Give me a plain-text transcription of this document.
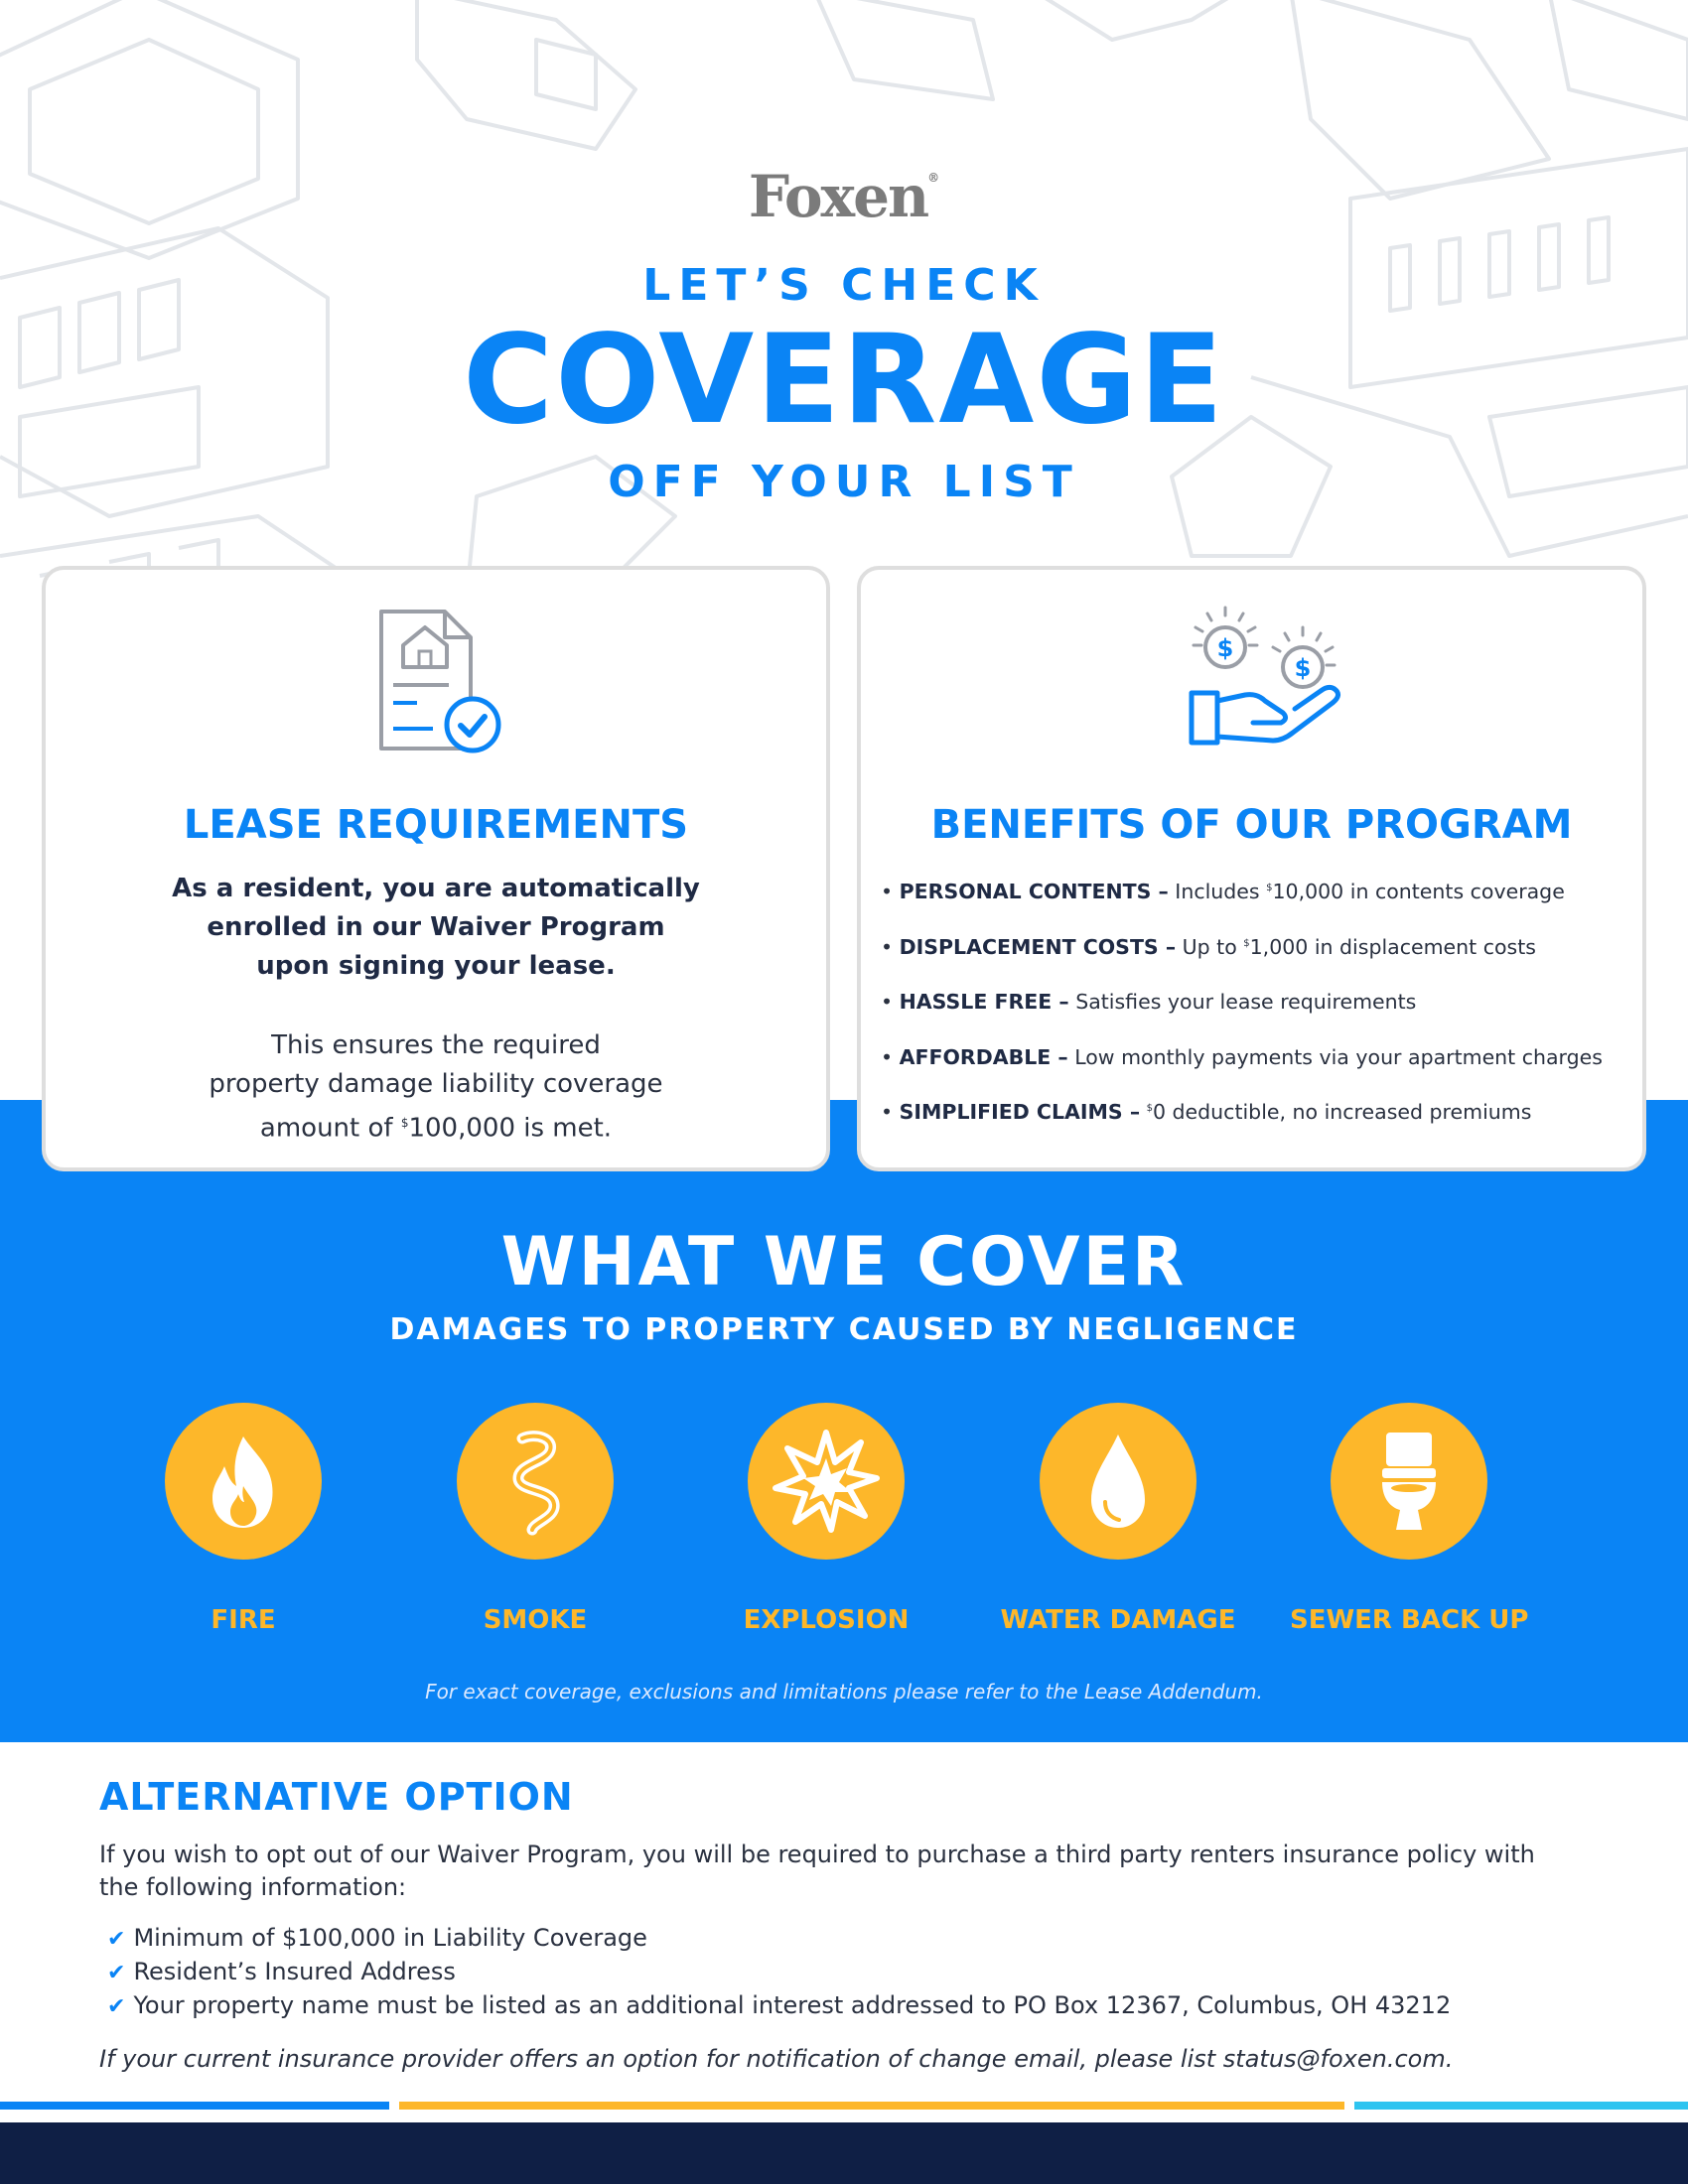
Foxen®
LET’S CHECK
COVERAGE
OFF YOUR LIST
LEASE REQUIREMENTS
As a resident, you are automatically
enrolled in our Waiver Program
upon signing your lease.
This ensures the required
property damage liability coverage
amount of $100,000 is met.
$
$
BENEFITS OF OUR PROGRAM
• PERSONAL CONTENTS – Includes $10,000 in contents coverage
• DISPLACEMENT COSTS – Up to $1,000 in displacement costs
• HASSLE FREE – Satisfies your lease requirements
• AFFORDABLE – Low monthly payments via your apartment charges
• SIMPLIFIED CLAIMS – $0 deductible, no increased premiums
WHAT WE COVER
DAMAGES TO PROPERTY CAUSED BY NEGLIGENCE
FIRE	SMOKE	EXPLOSION	WATER DAMAGE SEWER BACK UP
For exact coverage, exclusions and limitations please refer to the Lease Addendum.
ALTERNATIVE OPTION
If you wish to opt out of our Waiver Program, you will be required to purchase a third party renters insurance policy with the following information:
✔ Minimum of $100,000 in Liability Coverage
✔ Resident’s Insured Address
✔ Your property name must be listed as an additional interest addressed to PO Box 12367, Columbus, OH 43212
If your current insurance provider offers an option for notification of change email, please list status@foxen.com.
